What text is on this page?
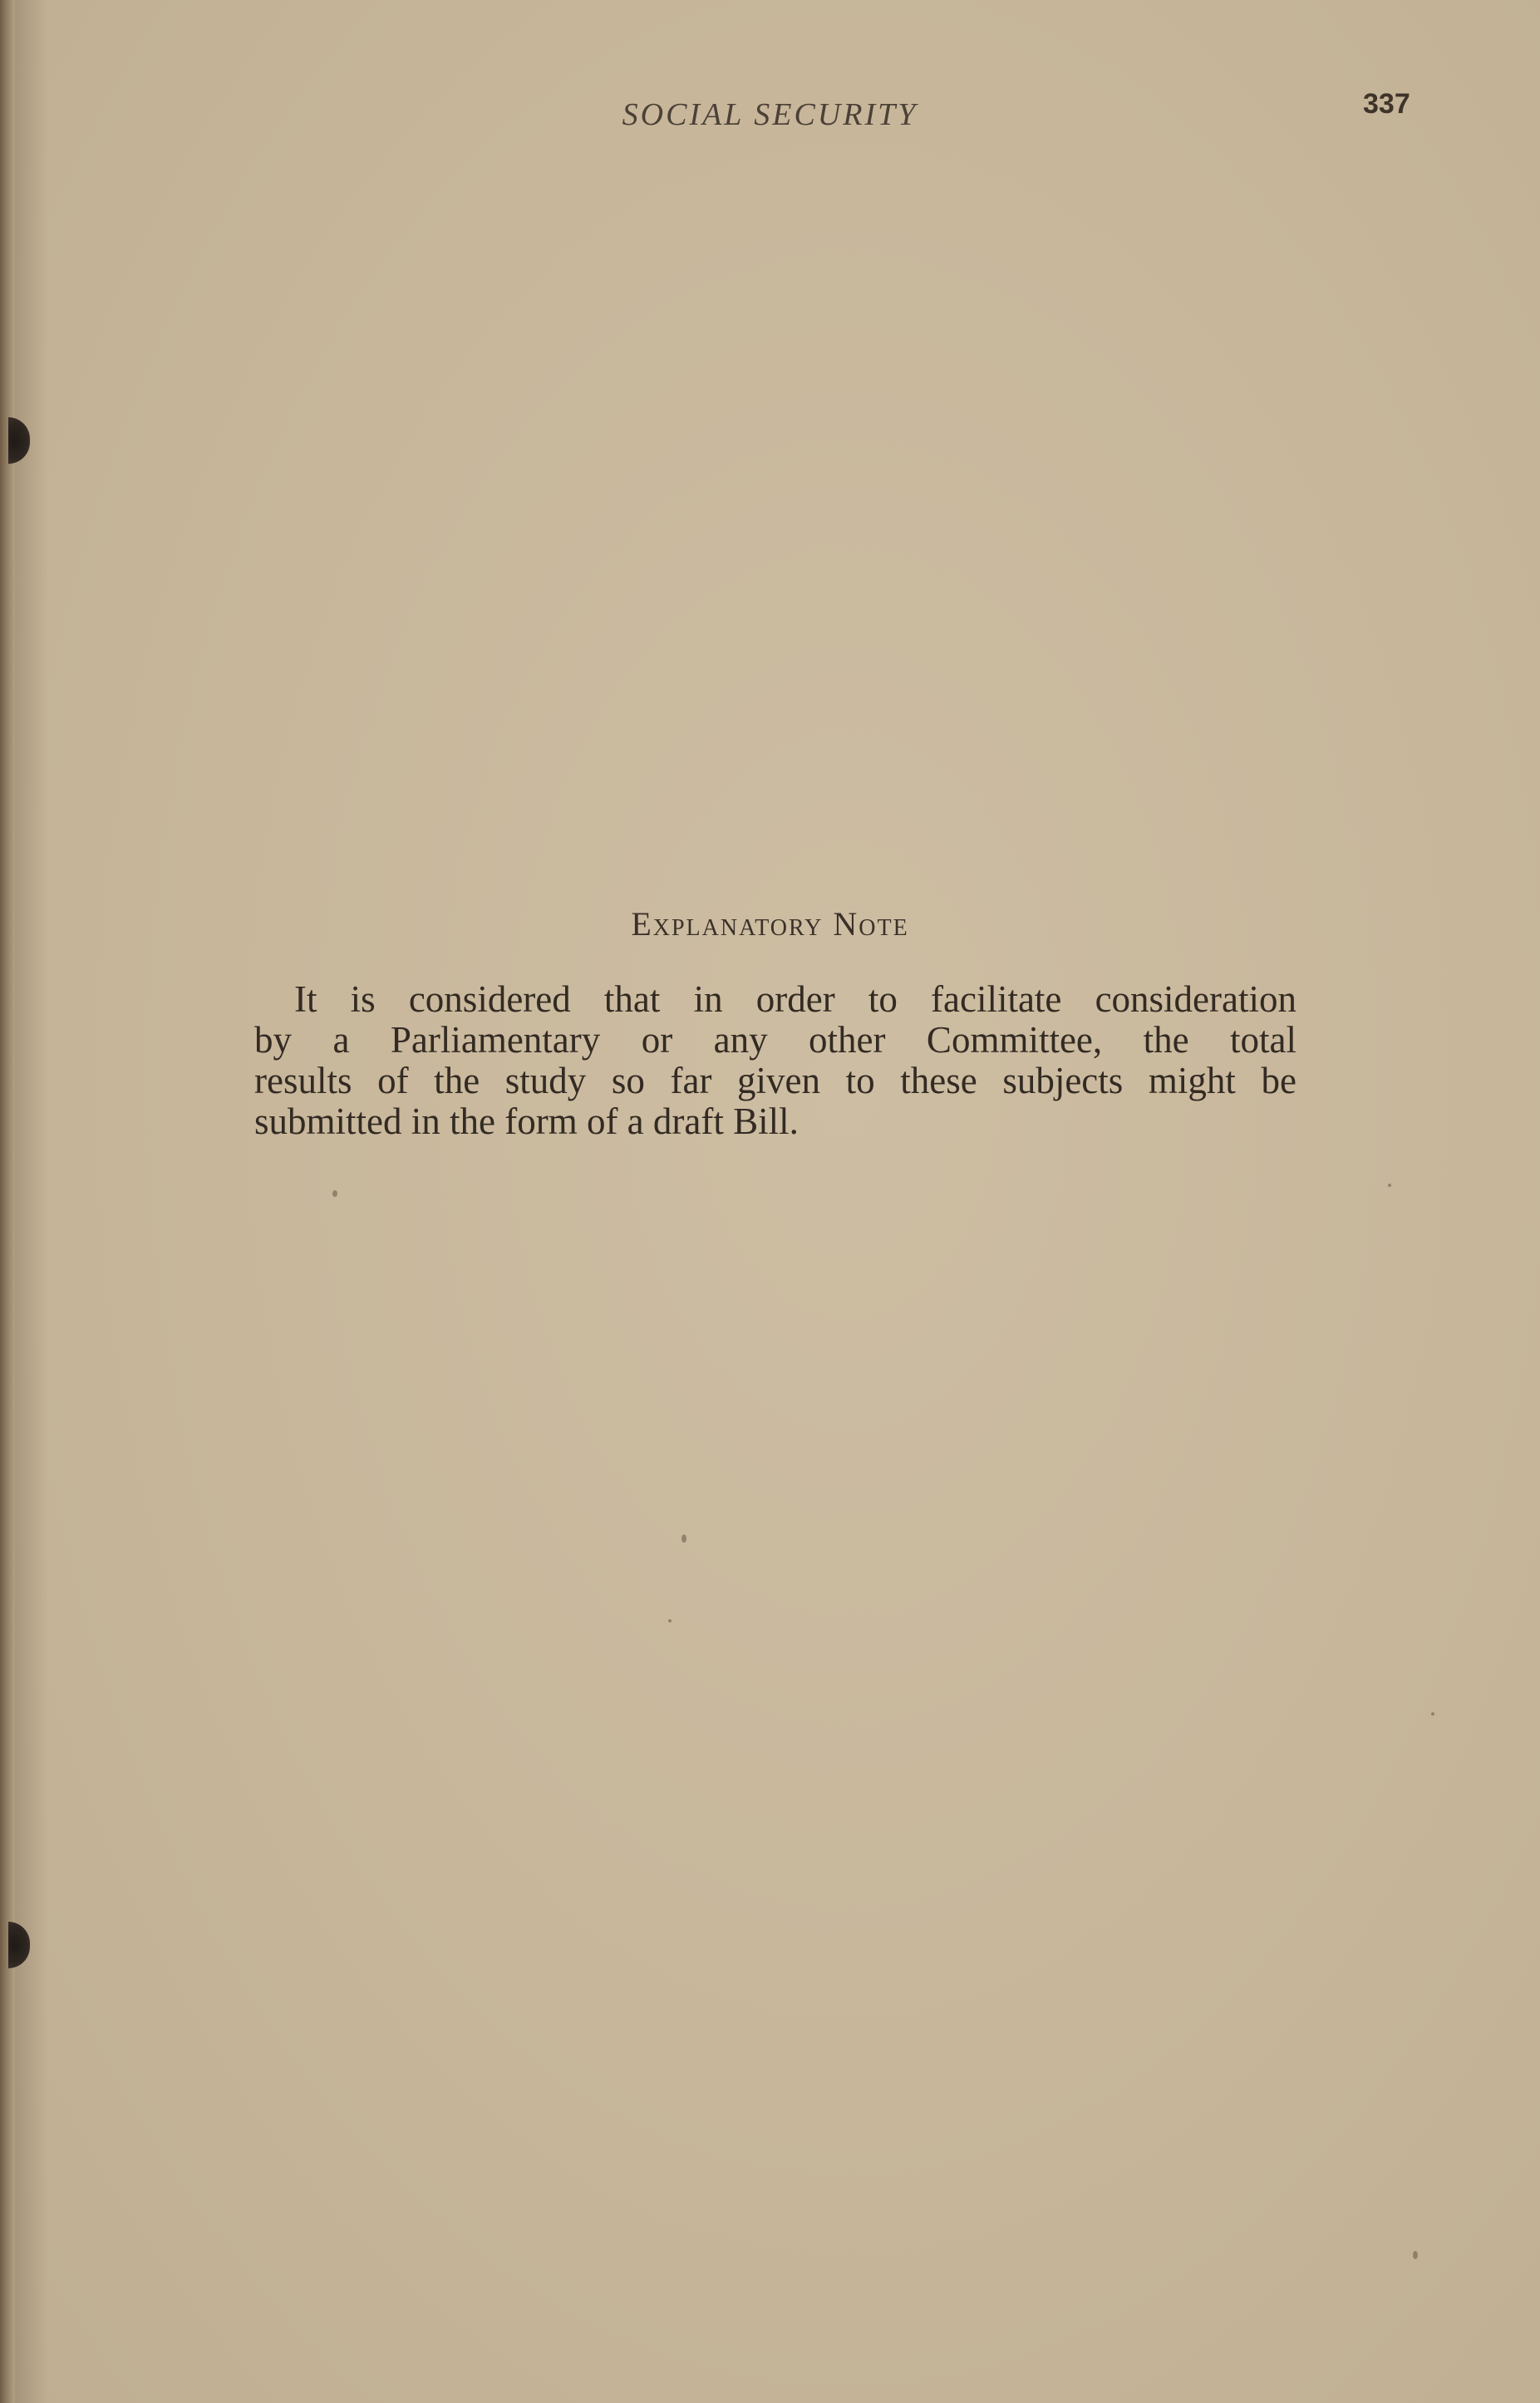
SOCIAL SECURITY	337
Explanatory Note
It is considered that in order to facilitate consideration
by a Parliamentary or any other Committee, the total
results of the study so far given to these subjects might be
submitted in the form of a draft Bill.
